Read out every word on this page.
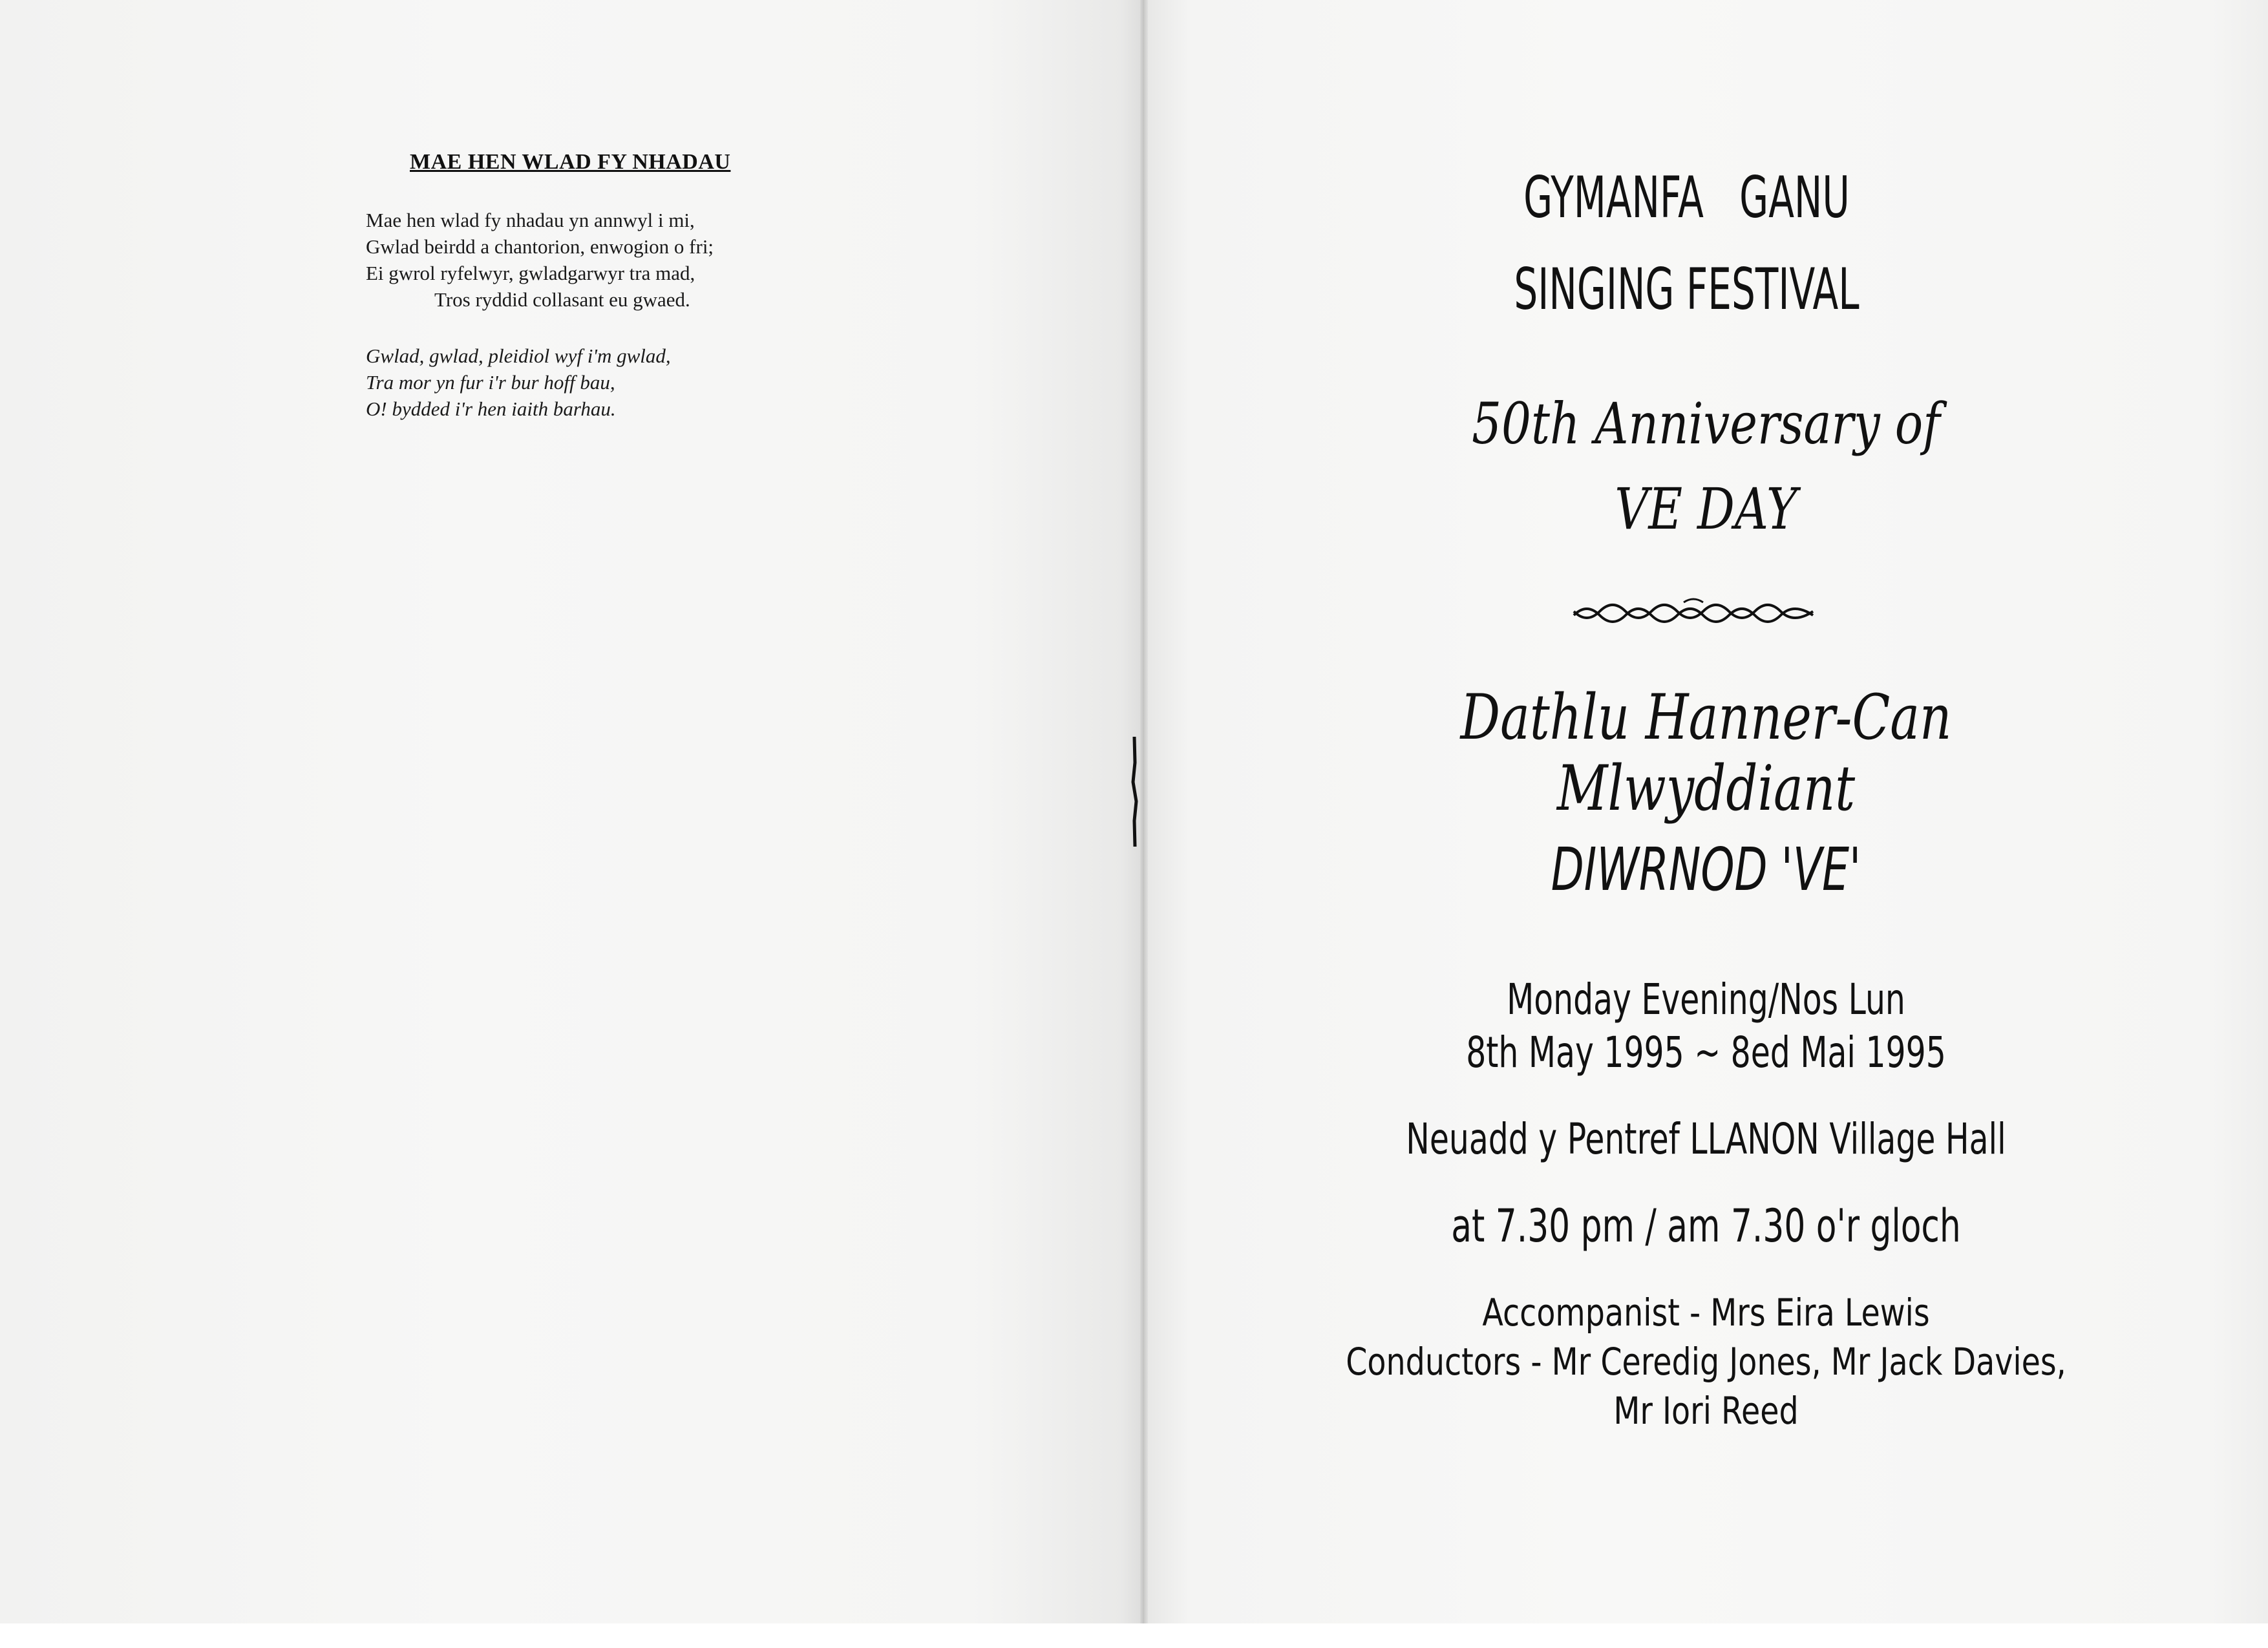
MAE HEN WLAD FY NHADAU
Mae hen wlad fy nhadau yn annwyl i mi,
Gwlad beirdd a chantorion, enwogion o fri;
Ei gwrol ryfelwyr, gwladgarwyr tra mad,
Tros ryddid collasant eu gwaed.
Gwlad, gwlad, pleidiol wyf i'm gwlad,
Tra mor yn fur i'r bur hoff bau,
O! bydded i'r hen iaith barhau.
GYMANFA   GANU
SINGING FESTIVAL
50th Anniversary of
VE DAY
Dathlu Hanner-Can
Mlwyddiant
DIWRNOD 'VE'
Monday Evening/Nos Lun
8th May 1995 ~ 8ed Mai 1995
Neuadd y Pentref LLANON Village Hall
at 7.30 pm / am 7.30 o'r gloch
Accompanist - Mrs Eira Lewis
Conductors - Mr Ceredig Jones, Mr Jack Davies,
Mr Iori Reed
